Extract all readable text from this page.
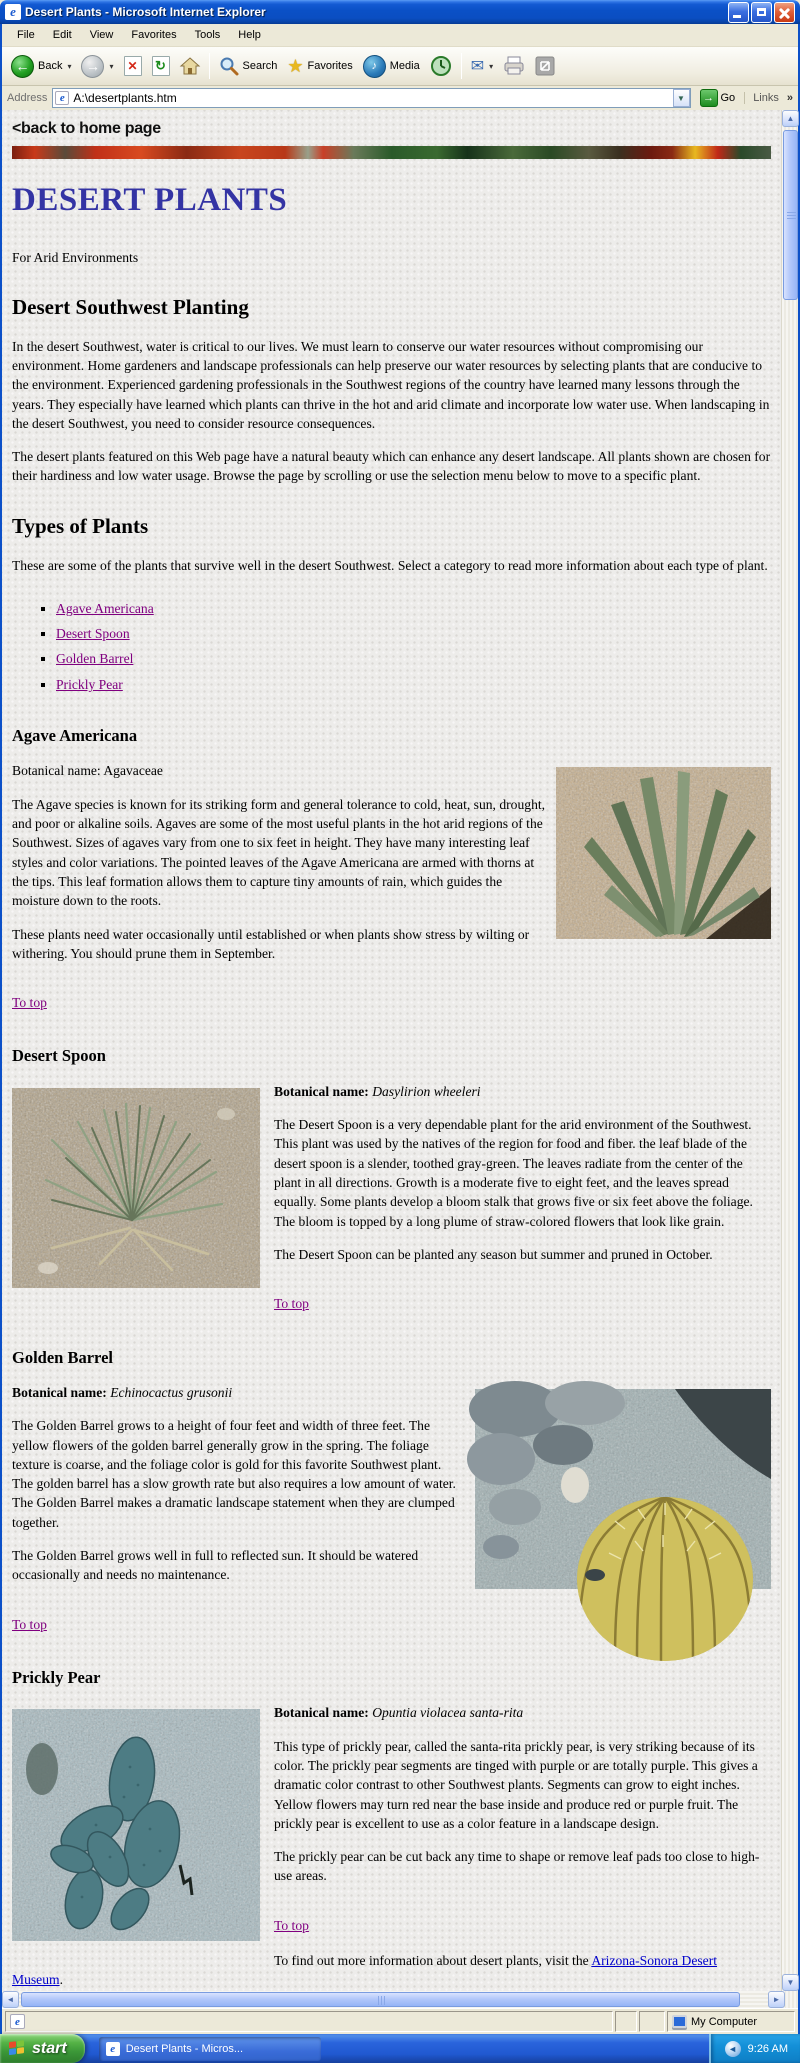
e Desert Plants - Microsoft Internet Explorer
File	Edit	View	Favorites	Tools	Help
← Back ▾ → ▾ ✕ ↻	Search ★ Favorites ♪ Media	✉ ▾
Address e A:\desertplants.htm	▼ → Go	Links »
<back to home page
DESERT PLANTS
For Arid Environments
Desert Southwest Planting

In the desert Southwest, water is critical to our lives. We must learn to conserve our water resources without compromising our environment. Home gardeners and landscape professionals can help preserve our water resources by selecting plants that are conducive to the environment. Experienced gardening professionals in the Southwest regions of the country have learned many lessons through the years. They especially have learned which plants can thrive in the hot and arid climate and incorporate low water use. When landscaping in the desert Southwest, you need to consider resource consequences.

The desert plants featured on this Web page have a natural beauty which can enhance any desert landscape. All plants shown are chosen for their hardiness and low water usage. Browse the page by scrolling or use the selection menu below to move to a specific plant.

Types of Plants

These are some of the plants that survive well in the desert Southwest. Select a category to read more information about each type of plant.

▪ Agave Americana
▪ Desert Spoon
▪ Golden Barrel
▪ Prickly Pear
Agave Americana

Botanical name: Agavaceae

The Agave species is known for its striking form and general tolerance to cold, heat, sun, drought, and poor or alkaline soils. Agaves are some of the most useful plants in the hot arid regions of the Southwest. Sizes of agaves vary from one to six feet in height. They have many interesting leaf styles and color variations. The pointed leaves of the Agave Americana are armed with thorns at the tips. This leaf formation allows them to capture tiny amounts of rain, which guides the moisture down to the roots.

These plants need water occasionally until established or when plants show stress by wilting or withering. You should prune them in September.

To top
Desert Spoon

Botanical name: Dasylirion wheeleri

The Desert Spoon is a very dependable plant for the arid environment of the Southwest. This plant was used by the natives of the region for food and fiber. the leaf blade of the desert spoon is a slender, toothed gray-green. The leaves radiate from the center of the plant in all directions. Growth is a moderate five to eight feet, and the leaves spread equally. Some plants develop a bloom stalk that grows five or six feet above the foliage. The bloom is topped by a long plume of straw-colored flowers that look like grain.

The Desert Spoon can be planted any season but summer and pruned in October.

To top
Golden Barrel

Botanical name: Echinocactus grusonii

The Golden Barrel grows to a height of four feet and width of three feet. The yellow flowers of the golden barrel generally grow in the spring. The foliage texture is coarse, and the foliage color is gold for this favorite Southwest plant. The golden barrel has a slow growth rate but also requires a low amount of water. The Golden Barrel makes a dramatic landscape statement when they are clumped together.

The Golden Barrel grows well in full to reflected sun. It should be watered occasionally and needs no maintenance.

To top
Prickly Pear

Botanical name: Opuntia violacea santa-rita

This type of prickly pear, called the santa-rita prickly pear, is very striking because of its color. The prickly pear segments are tinged with purple or are totally purple. This gives a dramatic color contrast to other Southwest plants. Segments can grow to eight inches. Yellow flowers may turn red near the base inside and produce red or purple fruit. The prickly pear is excellent to use as a color feature in a landscape design.

The prickly pear can be cut back any time to shape or remove leaf pads too close to high-use areas.

To top

To find out more information about desert plants, visit the Arizona-Sonora Desert Museum.

▲
▼
◄	►
e	My Computer
start	e Desert Plants - Micros...	◄ 9:26 AM
